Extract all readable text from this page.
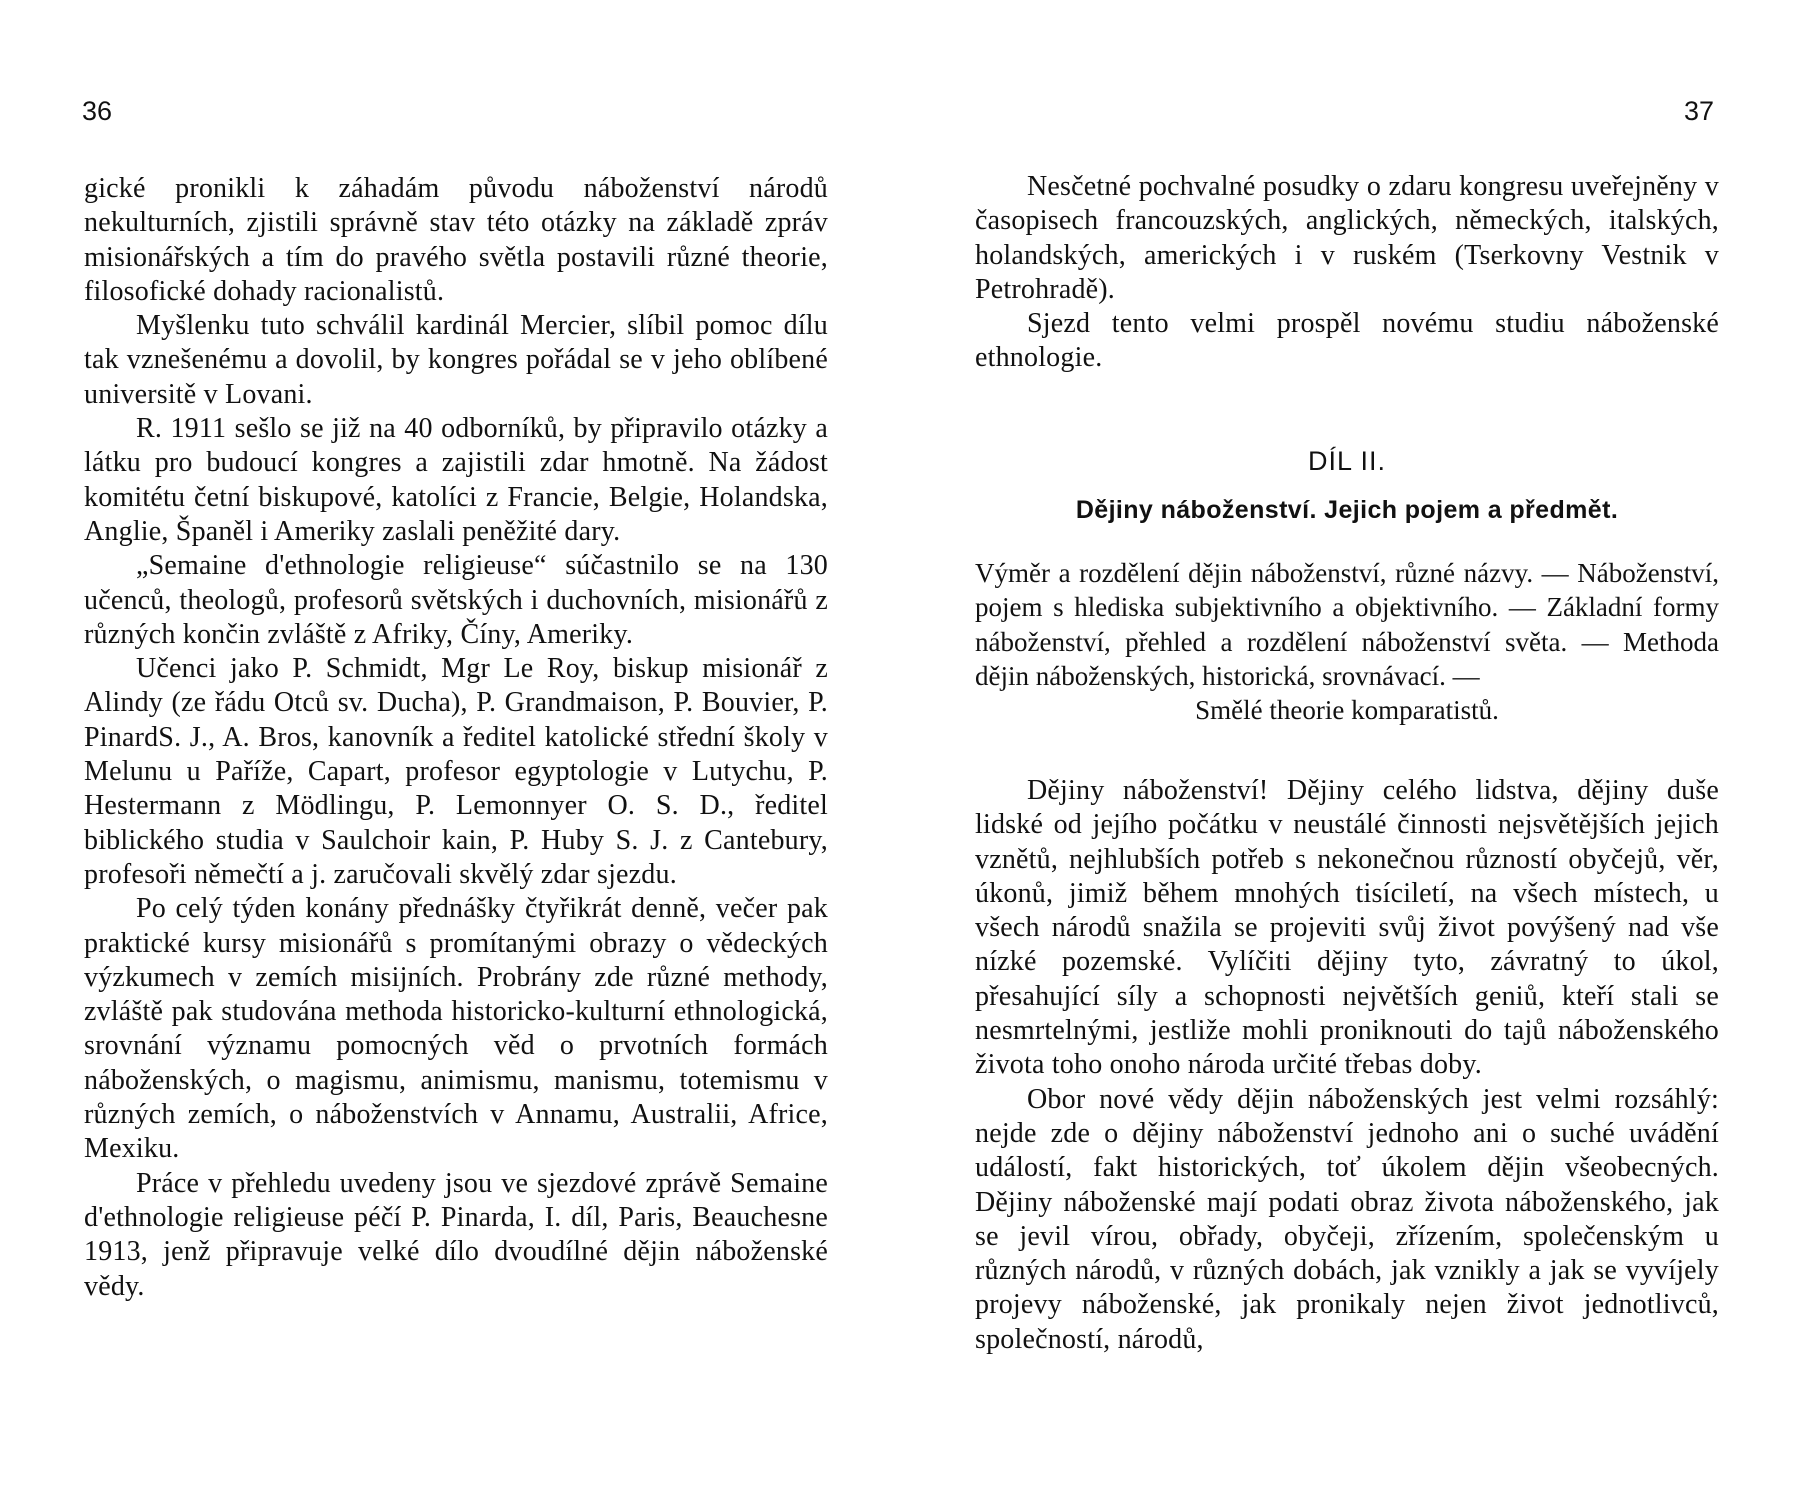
36

gické pronikli k záhadám původu náboženství národů nekulturních, zjistili správně stav této otázky na základě zpráv misionářských a tím do pravého světla postavili různé theorie, filosofické dohady racionalistů.

Myšlenku tuto schválil kardinál Mercier, slíbil pomoc dílu tak vznešenému a dovolil, by kongres pořádal se v jeho oblíbené universitě v Lovani.

R. 1911 sešlo se již na 40 odborníků, by připravilo otázky a látku pro budoucí kongres a zajistili zdar hmotně. Na žádost komitétu četní biskupové, katolíci z Francie, Belgie, Holandska, Anglie, Španěl i Ameriky zaslali peněžité dary.

„Semaine d'ethnologie religieuse“ súčastnilo se na 130 učenců, theologů, profesorů světských i duchovních, misionářů z různých končin zvláště z Afriky, Číny, Ameriky.

Učenci jako P. Schmidt, Mgr Le Roy, biskup misionář z Alindy (ze řádu Otců sv. Ducha), P. Grandmaison, P. Bouvier, P. PinardS. J., A. Bros, kanovník a ředitel katolické střední školy v Melunu u Paříže, Capart, profesor egyptologie v Lutychu, P. Hestermann z Mödlingu, P. Lemonnyer O. S. D., ředitel biblického studia v Saulchoir kain, P. Huby S. J. z Cantebury, profesoři němečtí a j. zaručovali skvělý zdar sjezdu.

Po celý týden konány přednášky čtyřikrát denně, večer pak praktické kursy misionářů s promítanými obrazy o vědeckých výzkumech v zemích misijních. Probrány zde různé methody, zvláště pak studována methoda historicko-kulturní ethnologická, srovnání významu pomocných věd o prvotních formách náboženských, o magismu, animismu, manismu, totemismu v různých zemích, o náboženstvích v Annamu, Australii, Africe, Mexiku.

Práce v přehledu uvedeny jsou ve sjezdové zprávě Semaine d'ethnologie religieuse péčí P. Pinarda, I. díl, Paris, Beauchesne 1913, jenž připravuje velké dílo dvoudílné dějin náboženské vědy.

37

Nesčetné pochvalné posudky o zdaru kongresu uveřejněny v časopisech francouzských, anglických, německých, italských, holandských, amerických i v ruském (Tserkovny Vestnik v Petrohradě).

Sjezd tento velmi prospěl novému studiu náboženské ethnologie.

DÍL II.
Dějiny náboženství. Jejich pojem a předmět.
Výměr a rozdělení dějin náboženství, různé názvy. — Náboženství, pojem s hlediska subjektivního a objektivního. — Základní formy náboženství, přehled a rozdělení náboženství světa. — Methoda dějin náboženských, historická, srovnávací. —
Smělé theorie komparatistů.

Dějiny náboženství! Dějiny celého lidstva, dějiny duše lidské od jejího počátku v neustálé činnosti nejsvětějších jejich vznětů, nejhlubších potřeb s nekonečnou růzností obyčejů, věr, úkonů, jimiž během mnohých tisíciletí, na všech místech, u všech národů snažila se projeviti svůj život povýšený nad vše nízké pozemské. Vylíčiti dějiny tyto, závratný to úkol, přesahující síly a schopnosti největších geniů, kteří stali se nesmrtelnými, jestliže mohli proniknouti do tajů náboženského života toho onoho národa určité třebas doby.

Obor nové vědy dějin náboženských jest velmi rozsáhlý: nejde zde o dějiny náboženství jednoho ani o suché uvádění událostí, fakt historických, toť úkolem dějin všeobecných. Dějiny náboženské mají podati obraz života náboženského, jak se jevil vírou, obřady, obyčeji, zřízením, společenským u různých národů, v různých dobách, jak vznikly a jak se vyvíjely projevy náboženské, jak pronikaly nejen život jednotlivců, společností, národů,
